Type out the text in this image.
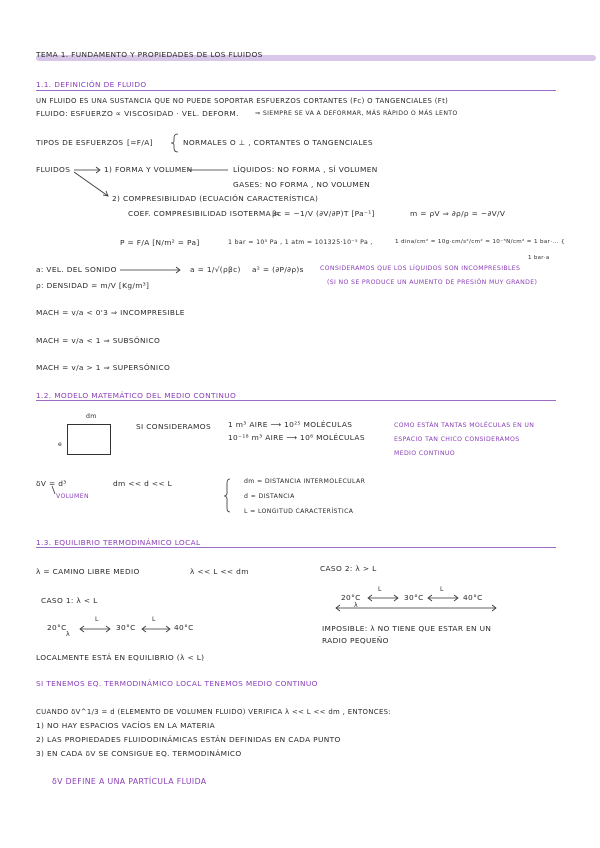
TEMA 1. FUNDAMENTO Y PROPIEDADES DE LOS FLUIDOS
1.1. DEFINICIÓN DE FLUIDO
UN FLUIDO ES UNA SUSTANCIA QUE NO PUEDE SOPORTAR ESFUERZOS CORTANTES (Fc) O TANGENCIALES (Ft)
FLUIDO: ESFUERZO ∝ VISCOSIDAD · VEL. DEFORM.	⇒ SIEMPRE SE VA A DEFORMAR, MÁS RÁPIDO O MÁS LENTO
TIPOS DE ESFUERZOS [=F/A]	NORMALES O ⊥ , CORTANTES O TANGENCIALES
FLUIDOS	1) FORMA Y VOLUMEN	LÍQUIDOS: NO FORMA , SÍ VOLUMEN
GASES: NO FORMA , NO VOLUMEN
2) COMPRESIBILIDAD (ECUACIÓN CARACTERÍSTICA)
COEF. COMPRESIBILIDAD ISOTERMA =
βc = −1/V (∂V/∂P)T [Pa⁻¹]	m = ρV ⇒ ∂ρ/ρ = −∂V/V
P = F/A [N/m² = Pa]	1 bar = 10⁵ Pa , 1 atm = 101325·10⁻⁵ Pa ,	1 dina/cm² = 10g·cm/s²/cm² = 10⁻⁵N/cm² = 1 bar·... {
1 bar·a
a: VEL. DEL SONIDO	a = 1/√(ρβc) a² = (∂P/∂ρ)s
ρ: DENSIDAD = m/V [Kg/m³]
CONSIDERAMOS QUE LOS LÍQUIDOS SON INCOMPRESIBLES
(SI NO SE PRODUCE UN AUMENTO DE PRESIÓN MUY GRANDE)
MACH = v/a < 0'3 ⇒ INCOMPRESIBLE
MACH = v/a < 1 ⇒ SUBSÓNICO
MACH = v/a > 1 ⇒ SUPERSÓNICO
1.2. MODELO MATEMÁTICO DEL MEDIO CONTINUO
dm
e
SI CONSIDERAMOS 1 m³ AIRE ⟶ 10²⁵ MOLÉCULAS
10⁻¹⁸ m³ AIRE ⟶ 10⁶ MOLÉCULAS
COMO ESTÁN TANTAS MOLÉCULAS EN UN
ESPACIO TAN CHICO CONSIDERAMOS
MEDIO CONTINUO
δV = d³
VOLUMEN
dm << d << L	dm = DISTANCIA INTERMOLECULAR
d = DISTANCIA
L = LONGITUD CARACTERÍSTICA
1.3. EQUILIBRIO TERMODINÁMICO LOCAL
λ = CAMINO LIBRE MEDIO	λ << L << dm	CASO 2: λ > L
CASO 1: λ < L
20°C
λ
L
30°C
L
40°C
20°C
λ
L
30°C
L
40°C
IMPOSIBLE: λ NO TIENE QUE ESTAR EN UN
RADIO PEQUEÑO
LOCALMENTE ESTÁ EN EQUILIBRIO (λ < L)
SI TENEMOS EQ. TERMODINÁMICO LOCAL TENEMOS MEDIO CONTINUO
CUANDO δV^1/3 = d (ELEMENTO DE VOLUMEN FLUIDO) VERIFICA λ << L << dm , ENTONCES:
1) NO HAY ESPACIOS VACÍOS EN LA MATERIA
2) LAS PROPIEDADES FLUIDODINÁMICAS ESTÁN DEFINIDAS EN CADA PUNTO
3) EN CADA δV SE CONSIGUE EQ. TERMODINÁMICO
δV DEFINE A UNA PARTÍCULA FLUIDA
